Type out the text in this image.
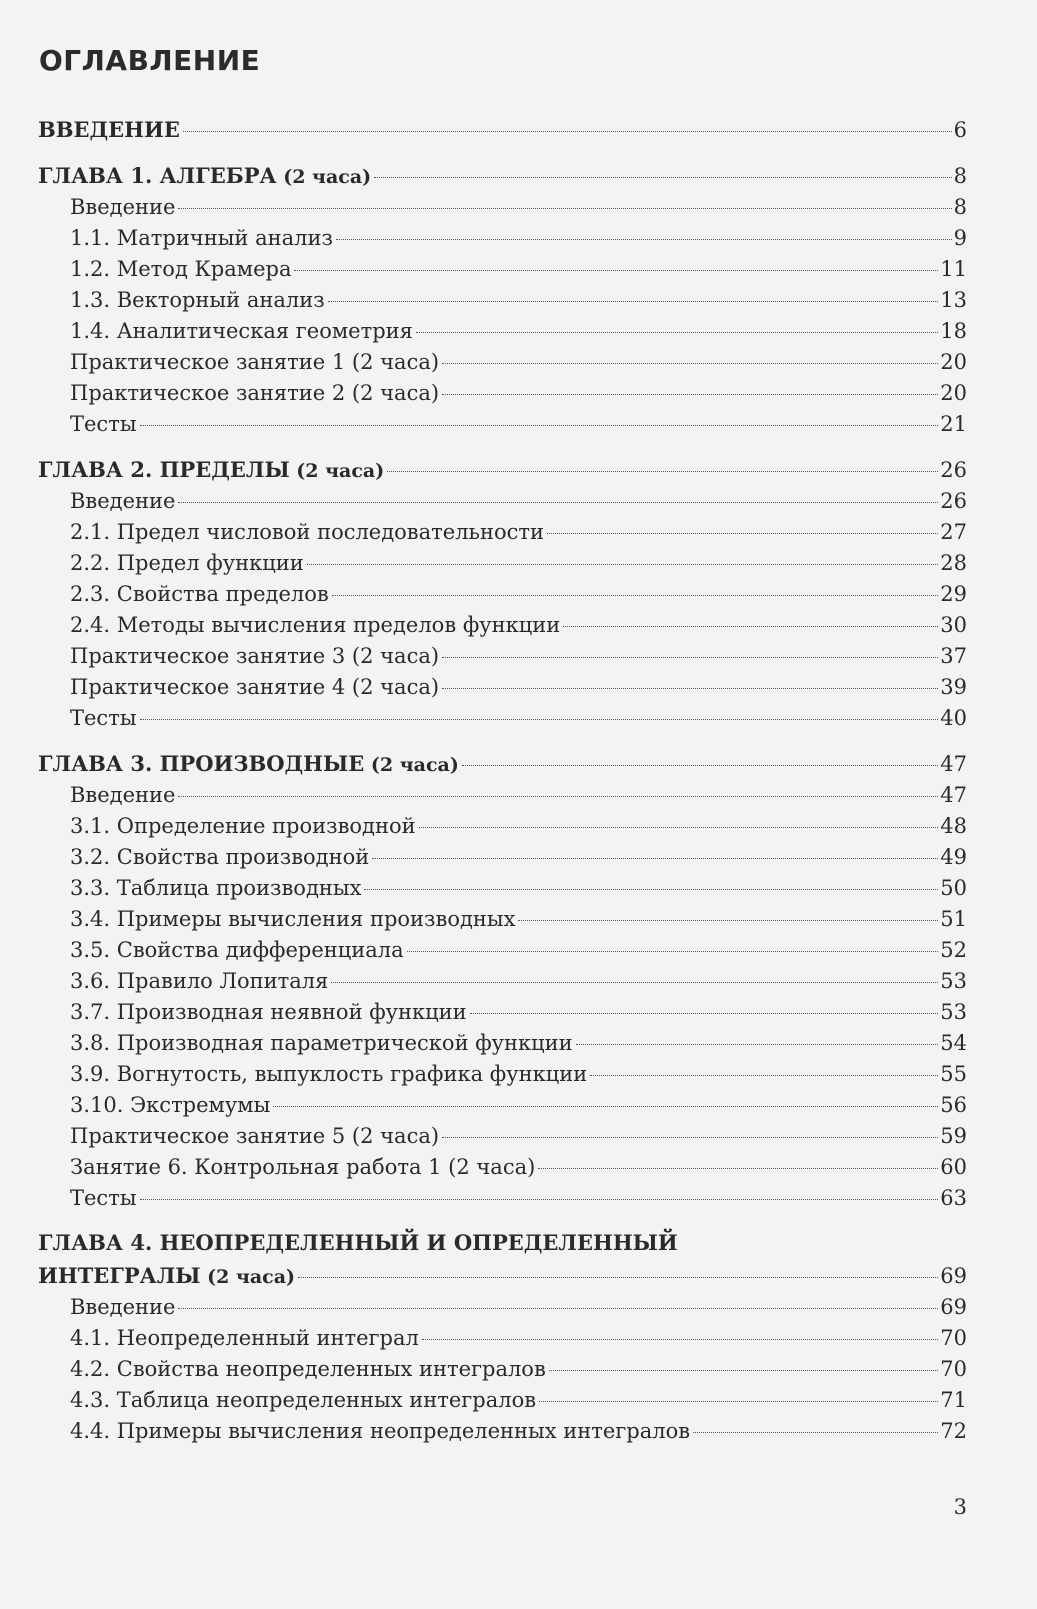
ОГЛАВЛЕНИЕ
ВВЕДЕНИЕ	6
ГЛАВА 1. АЛГЕБРА (2 часа)	8
Введение	8
1.1. Матричный анализ	9
1.2. Метод Крамера	11
1.3. Векторный анализ	13
1.4. Аналитическая геометрия	18
Практическое занятие 1 (2 часа)	20
Практическое занятие 2 (2 часа)	20
Тесты	21
ГЛАВА 2. ПРЕДЕЛЫ (2 часа)	26
Введение	26
2.1. Предел числовой последовательности	27
2.2. Предел функции	28
2.3. Свойства пределов	29
2.4. Методы вычисления пределов функции	30
Практическое занятие 3 (2 часа)	37
Практическое занятие 4 (2 часа)	39
Тесты	40
ГЛАВА 3. ПРОИЗВОДНЫЕ (2 часа)	47
Введение	47
3.1. Определение производной	48
3.2. Свойства производной	49
3.3. Таблица производных	50
3.4. Примеры вычисления производных	51
3.5. Свойства дифференциала	52
3.6. Правило Лопиталя	53
3.7. Производная неявной функции	53
3.8. Производная параметрической функции	54
3.9. Вогнутость, выпуклость графика функции	55
3.10. Экстремумы	56
Практическое занятие 5 (2 часа)	59
Занятие 6. Контрольная работа 1 (2 часа)	60
Тесты	63
ГЛАВА 4. НЕОПРЕДЕЛЕННЫЙ И ОПРЕДЕЛЕННЫЙ
ИНТЕГРАЛЫ (2 часа)	69
Введение	69
4.1. Неопределенный интеграл	70
4.2. Свойства неопределенных интегралов	70
4.3. Таблица неопределенных интегралов	71
4.4. Примеры вычисления неопределенных интегралов	72
3
